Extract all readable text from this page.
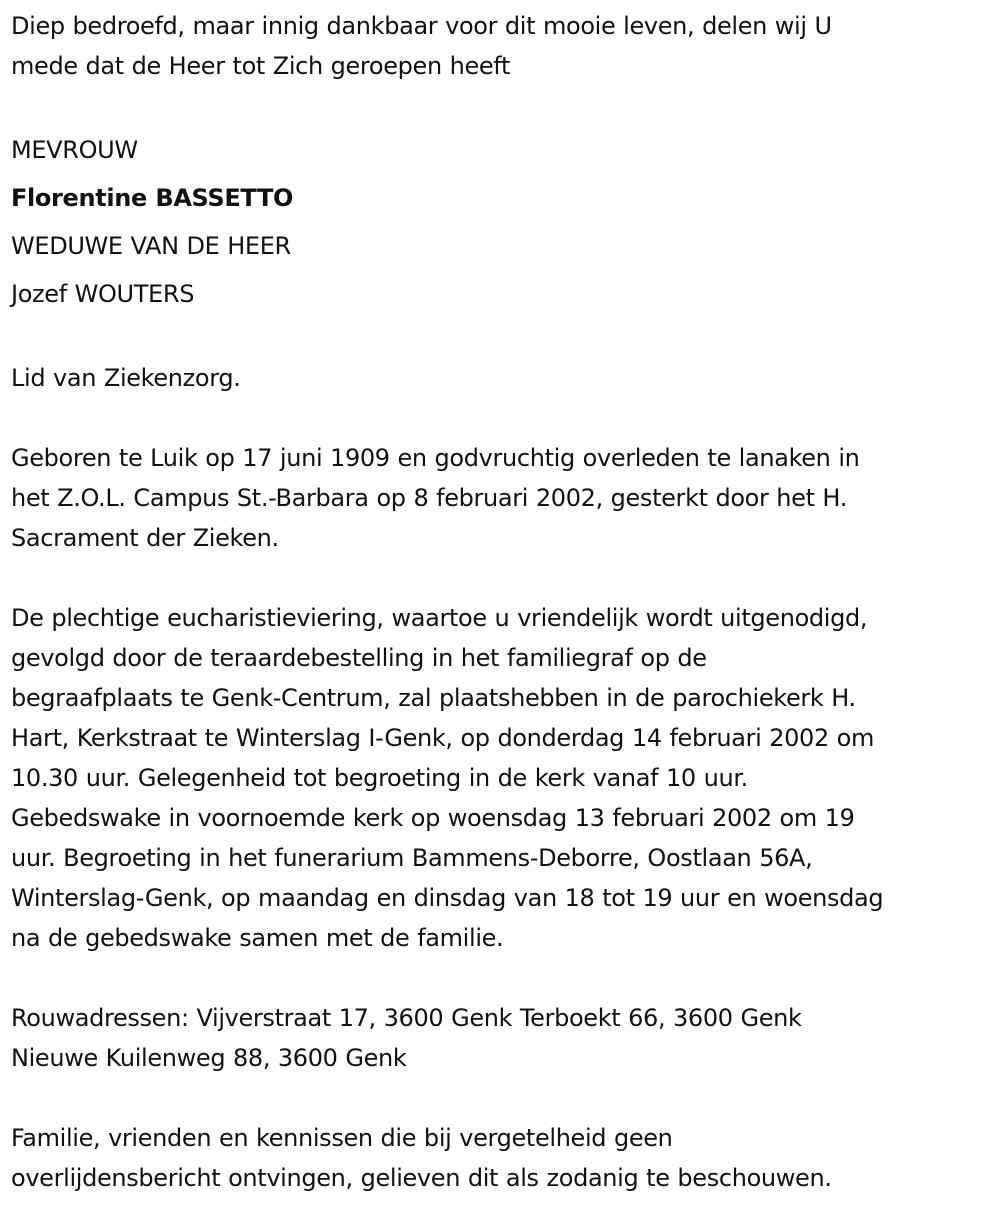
Diep bedroefd, maar innig dankbaar voor dit mooie leven, delen wij U

mede dat de Heer tot Zich geroepen heeft

MEVROUW

Florentine BASSETTO

WEDUWE VAN DE HEER

Jozef WOUTERS

Lid van Ziekenzorg.

Geboren te Luik op 17 juni 1909 en godvruchtig overleden te lanaken in

het Z.O.L. Campus St.-Barbara op 8 februari 2002, gesterkt door het H.

Sacrament der Zieken.

De plechtige eucharistieviering, waartoe u vriendelijk wordt uitgenodigd,

gevolgd door de teraardebestelling in het familiegraf op de

begraafplaats te Genk-Centrum, zal plaatshebben in de parochiekerk H.

Hart, Kerkstraat te Winterslag I-Genk, op donderdag 14 februari 2002 om

10.30 uur. Gelegenheid tot begroeting in de kerk vanaf 10 uur.

Gebedswake in voornoemde kerk op woensdag 13 februari 2002 om 19

uur. Begroeting in het funerarium Bammens-Deborre, Oostlaan 56A,

Winterslag-Genk, op maandag en dinsdag van 18 tot 19 uur en woensdag

na de gebedswake samen met de familie.

Rouwadressen: Vijverstraat 17, 3600 Genk Terboekt 66, 3600 Genk

Nieuwe Kuilenweg 88, 3600 Genk

Familie, vrienden en kennissen die bij vergetelheid geen

overlijdensbericht ontvingen, gelieven dit als zodanig te beschouwen.
